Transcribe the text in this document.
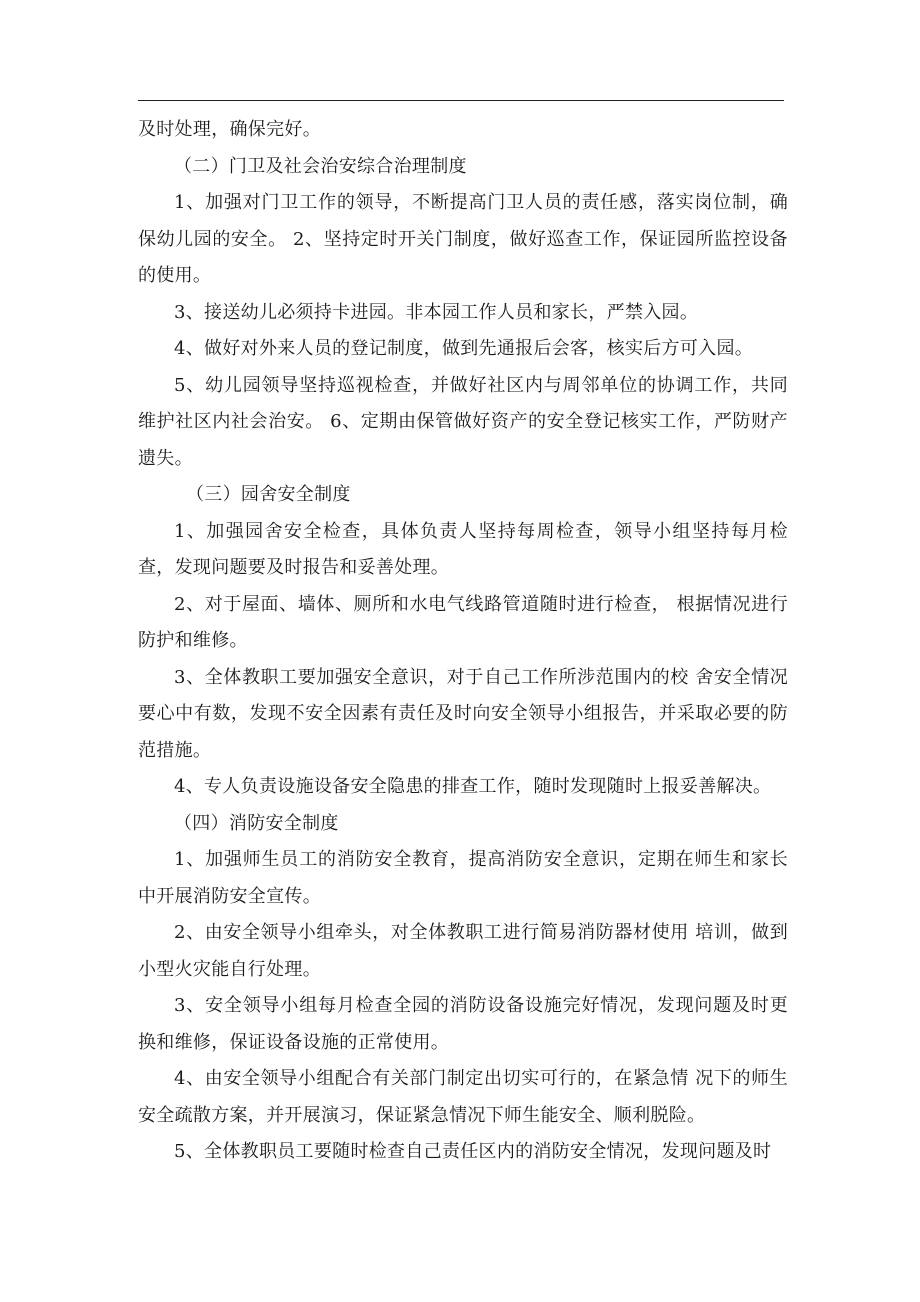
及时处理，确保完好。

（二）门卫及社会治安综合治理制度

1、加强对门卫工作的领导，不断提高门卫人员的责任感，落实岗位制，确保幼儿园的安全。 2、坚持定时开关门制度，做好巡查工作，保证园所监控设备的使用。

3、接送幼儿必须持卡进园。非本园工作人员和家长，严禁入园。

4、做好对外来人员的登记制度，做到先通报后会客，核实后方可入园。

5、幼儿园领导坚持巡视检查，并做好社区内与周邻单位的协调工作，共同维护社区内社会治安。 6、定期由保管做好资产的安全登记核实工作，严防财产遗失。

（三）园舍安全制度

1、加强园舍安全检查，具体负责人坚持每周检查，领导小组坚持每月检查，发现问题要及时报告和妥善处理。

2、对于屋面、墙体、厕所和水电气线路管道随时进行检查， 根据情况进行防护和维修。

3、全体教职工要加强安全意识，对于自己工作所涉范围内的校 舍安全情况要心中有数，发现不安全因素有责任及时向安全领导小组报告，并采取必要的防范措施。

4、专人负责设施设备安全隐患的排查工作，随时发现随时上报妥善解决。

（四）消防安全制度

1、加强师生员工的消防安全教育，提高消防安全意识，定期在师生和家长中开展消防安全宣传。

2、由安全领导小组牵头，对全体教职工进行简易消防器材使用 培训，做到小型火灾能自行处理。

3、安全领导小组每月检查全园的消防设备设施完好情况，发现问题及时更换和维修，保证设备设施的正常使用。

4、由安全领导小组配合有关部门制定出切实可行的，在紧急情 况下的师生安全疏散方案，并开展演习，保证紧急情况下师生能安全、顺利脱险。

5、全体教职员工要随时检查自己责任区内的消防安全情况，发现问题及时
